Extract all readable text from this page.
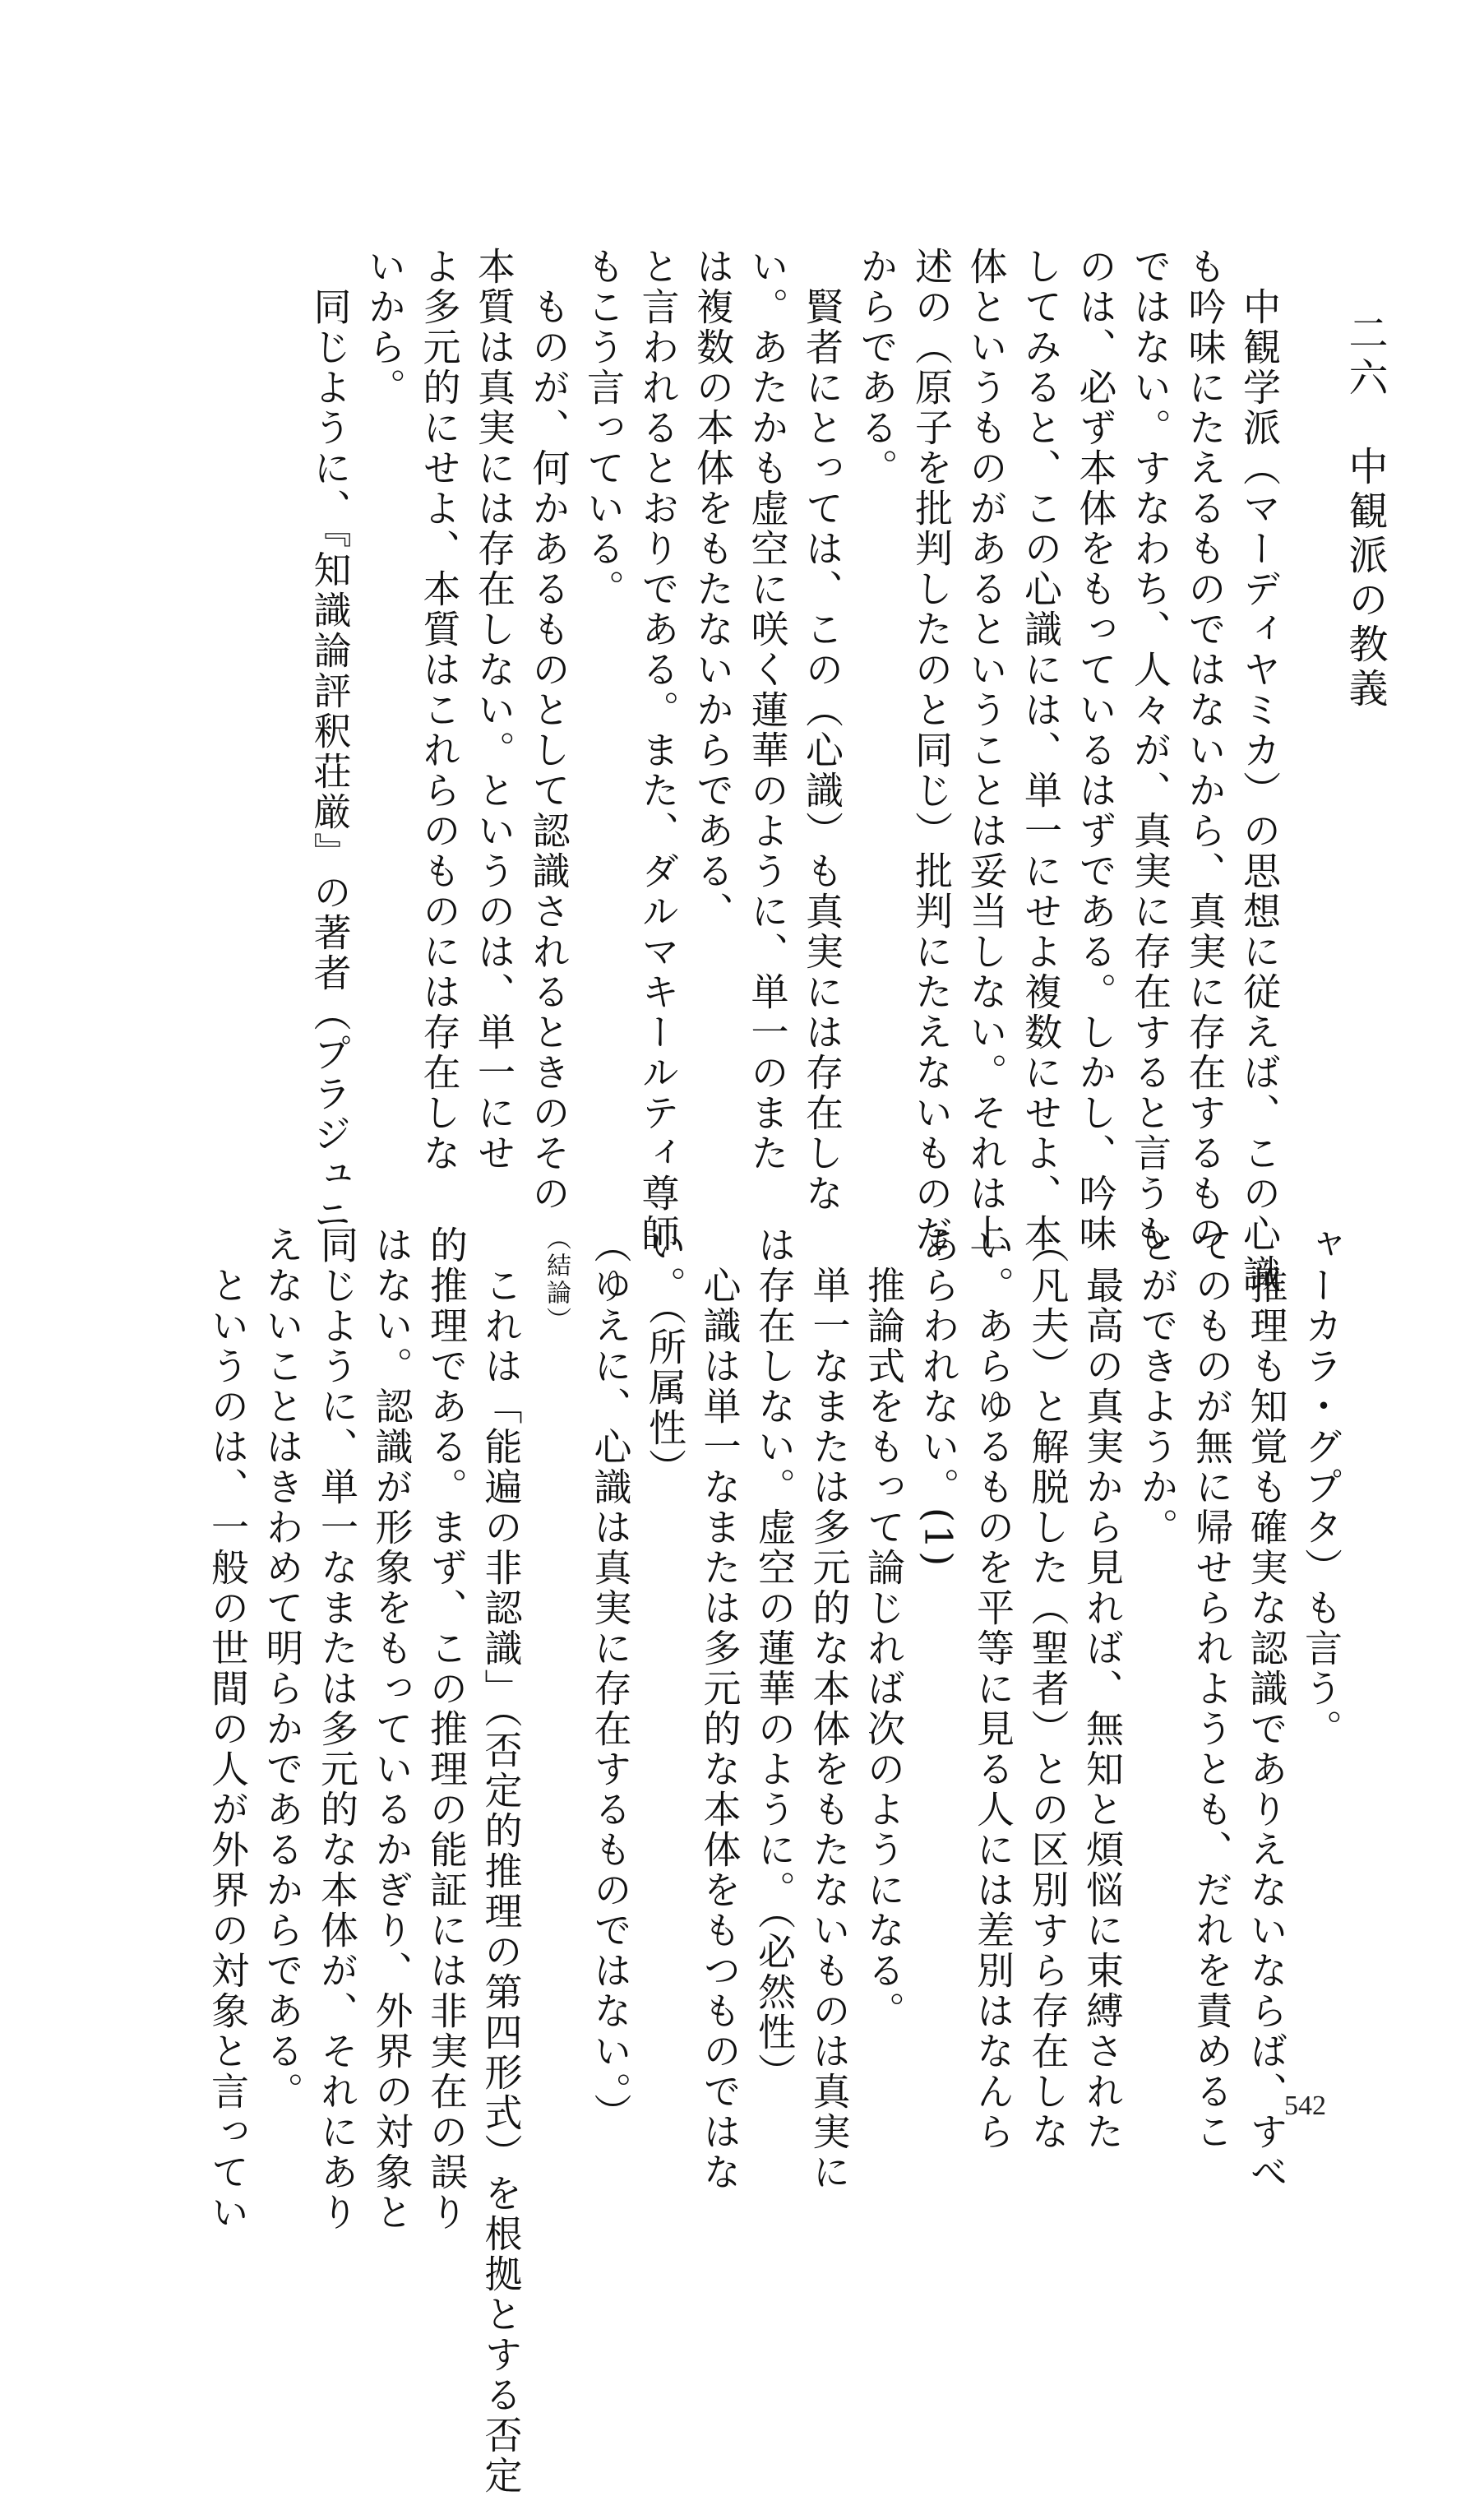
二六　中観派の教義
　中観学派（マーディヤミカ）の思想に従えば、この心識
も吟味にたえるものではないから、真実に存在するもの
ではない。すなわち、人々が、真実に存在すると言うも
のは、必ず本体をもっているはずである。しかし、吟味
してみると、この心識には、単一にせよ複数にせよ、本
体というものがあるということは妥当しない。それは上
述の（原子を批判したのと同じ）批判にたえないものだ
からである。
　賢者にとっては、この（心識）も真実には存在しな
い。あたかも虚空に咲く蓮華のように、単一のまた
は複数の本体をもたないからである、
と言われるとおりである。また、ダルマキールティ尊師
もこう言っている。
　ものが、何かあるものとして認識されるときのその
本質は真実には存在しない。というのは、単一にせ
よ多元的にせよ、本質はこれらのものには存在しな
いから。
　同じように、『知識論評釈荘厳』の著者（プラジュニ
ャーカラ・グプタ）も言う。
　推理も知覚も確実な認識でありえないならば、すべ
てのものが無に帰せられようとも、だれを責めるこ
とができようか。
　最高の真実から見れば、無知と煩悩に束縛された
（凡夫）と解脱した（聖者）との区別すら存在しな
い。あらゆるものを平等に見る人には差別はなんら
あらわれない。(1)
　推論式をもって論じれば次のようになる。
　単一なまたは多元的な本体をもたないものは真実に
は存在しない。虚空の蓮華のように。（必然性）
　心識は単一なまたは多元的な本体をもつものではな
い。（所属性）
（ゆえに、心識は真実に存在するものではない。）
（結論）
　これは「能遍の非認識」（否定的推理の第四形式）を根拠とする否定
的推理である。まず、この推理の能証には非実在の誤り
はない。認識が形象をもっているかぎり、外界の対象と
同じように、単一なまたは多元的な本体が、それにあり
えないことはきわめて明らかであるからである。
　というのは、一般の世間の人が外界の対象と言ってい	542
